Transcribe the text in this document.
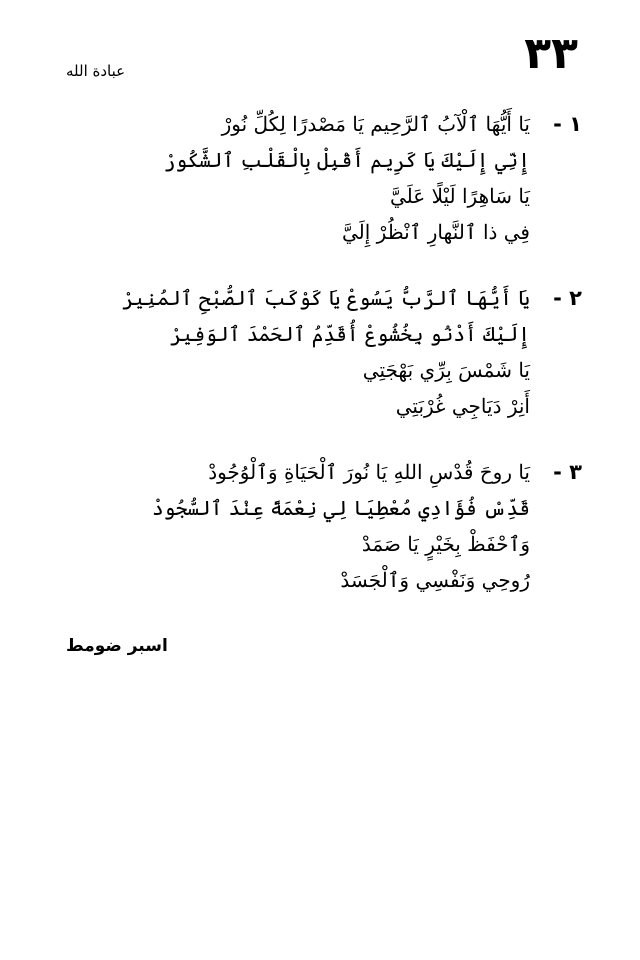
٣٣
عبادة الله
١ -
يَا أَيُّهَا ٱلْآبُ ٱلرَّحِيم يَا مَصْدرًا لِكُلِّ نُورْ
إِنِّي إِلَيْكَ يَا كَرِيم أَقْبِلْ بِالْقَلْبِ ٱلشَّكُورْ
يَا سَاهِرًا لَيْلًا عَلَيَّ
فِي ذا ٱلنَّهارِ ٱنْظُرْ إِلَيَّ
٢ -
يَا أَيُّهَا ٱلرَّبُّ يَسُوعْ يَا كَوْكَبَ ٱلصُّبْحِ ٱلمُنِيرْ
إِلَيْكَ أَدْنُو بِخُشُوعْ أُقَدِّمُ ٱلحَمْدَ ٱلوَفِيرْ
يَا شَمْسَ بِرِّي بَهْجَتِي
أَنِرْ دَيَاجِي غُرْبَتِي
٣ -
يَا روحَ قُدْسِ اللهِ يَا نُورَ ٱلْحَيَاةِ وَٱلْوُجُودْ
قَدِّسْ فُؤَادِي مُعْطِيَا لِي نِعْمَةً عِنْدَ ٱلسُّجُودْ
وَٱحْفَظْ بِخَيْرٍ يَا صَمَدْ
رُوحِي وَنَفْسِي وَٱلْجَسَدْ
اسبر ضومط
